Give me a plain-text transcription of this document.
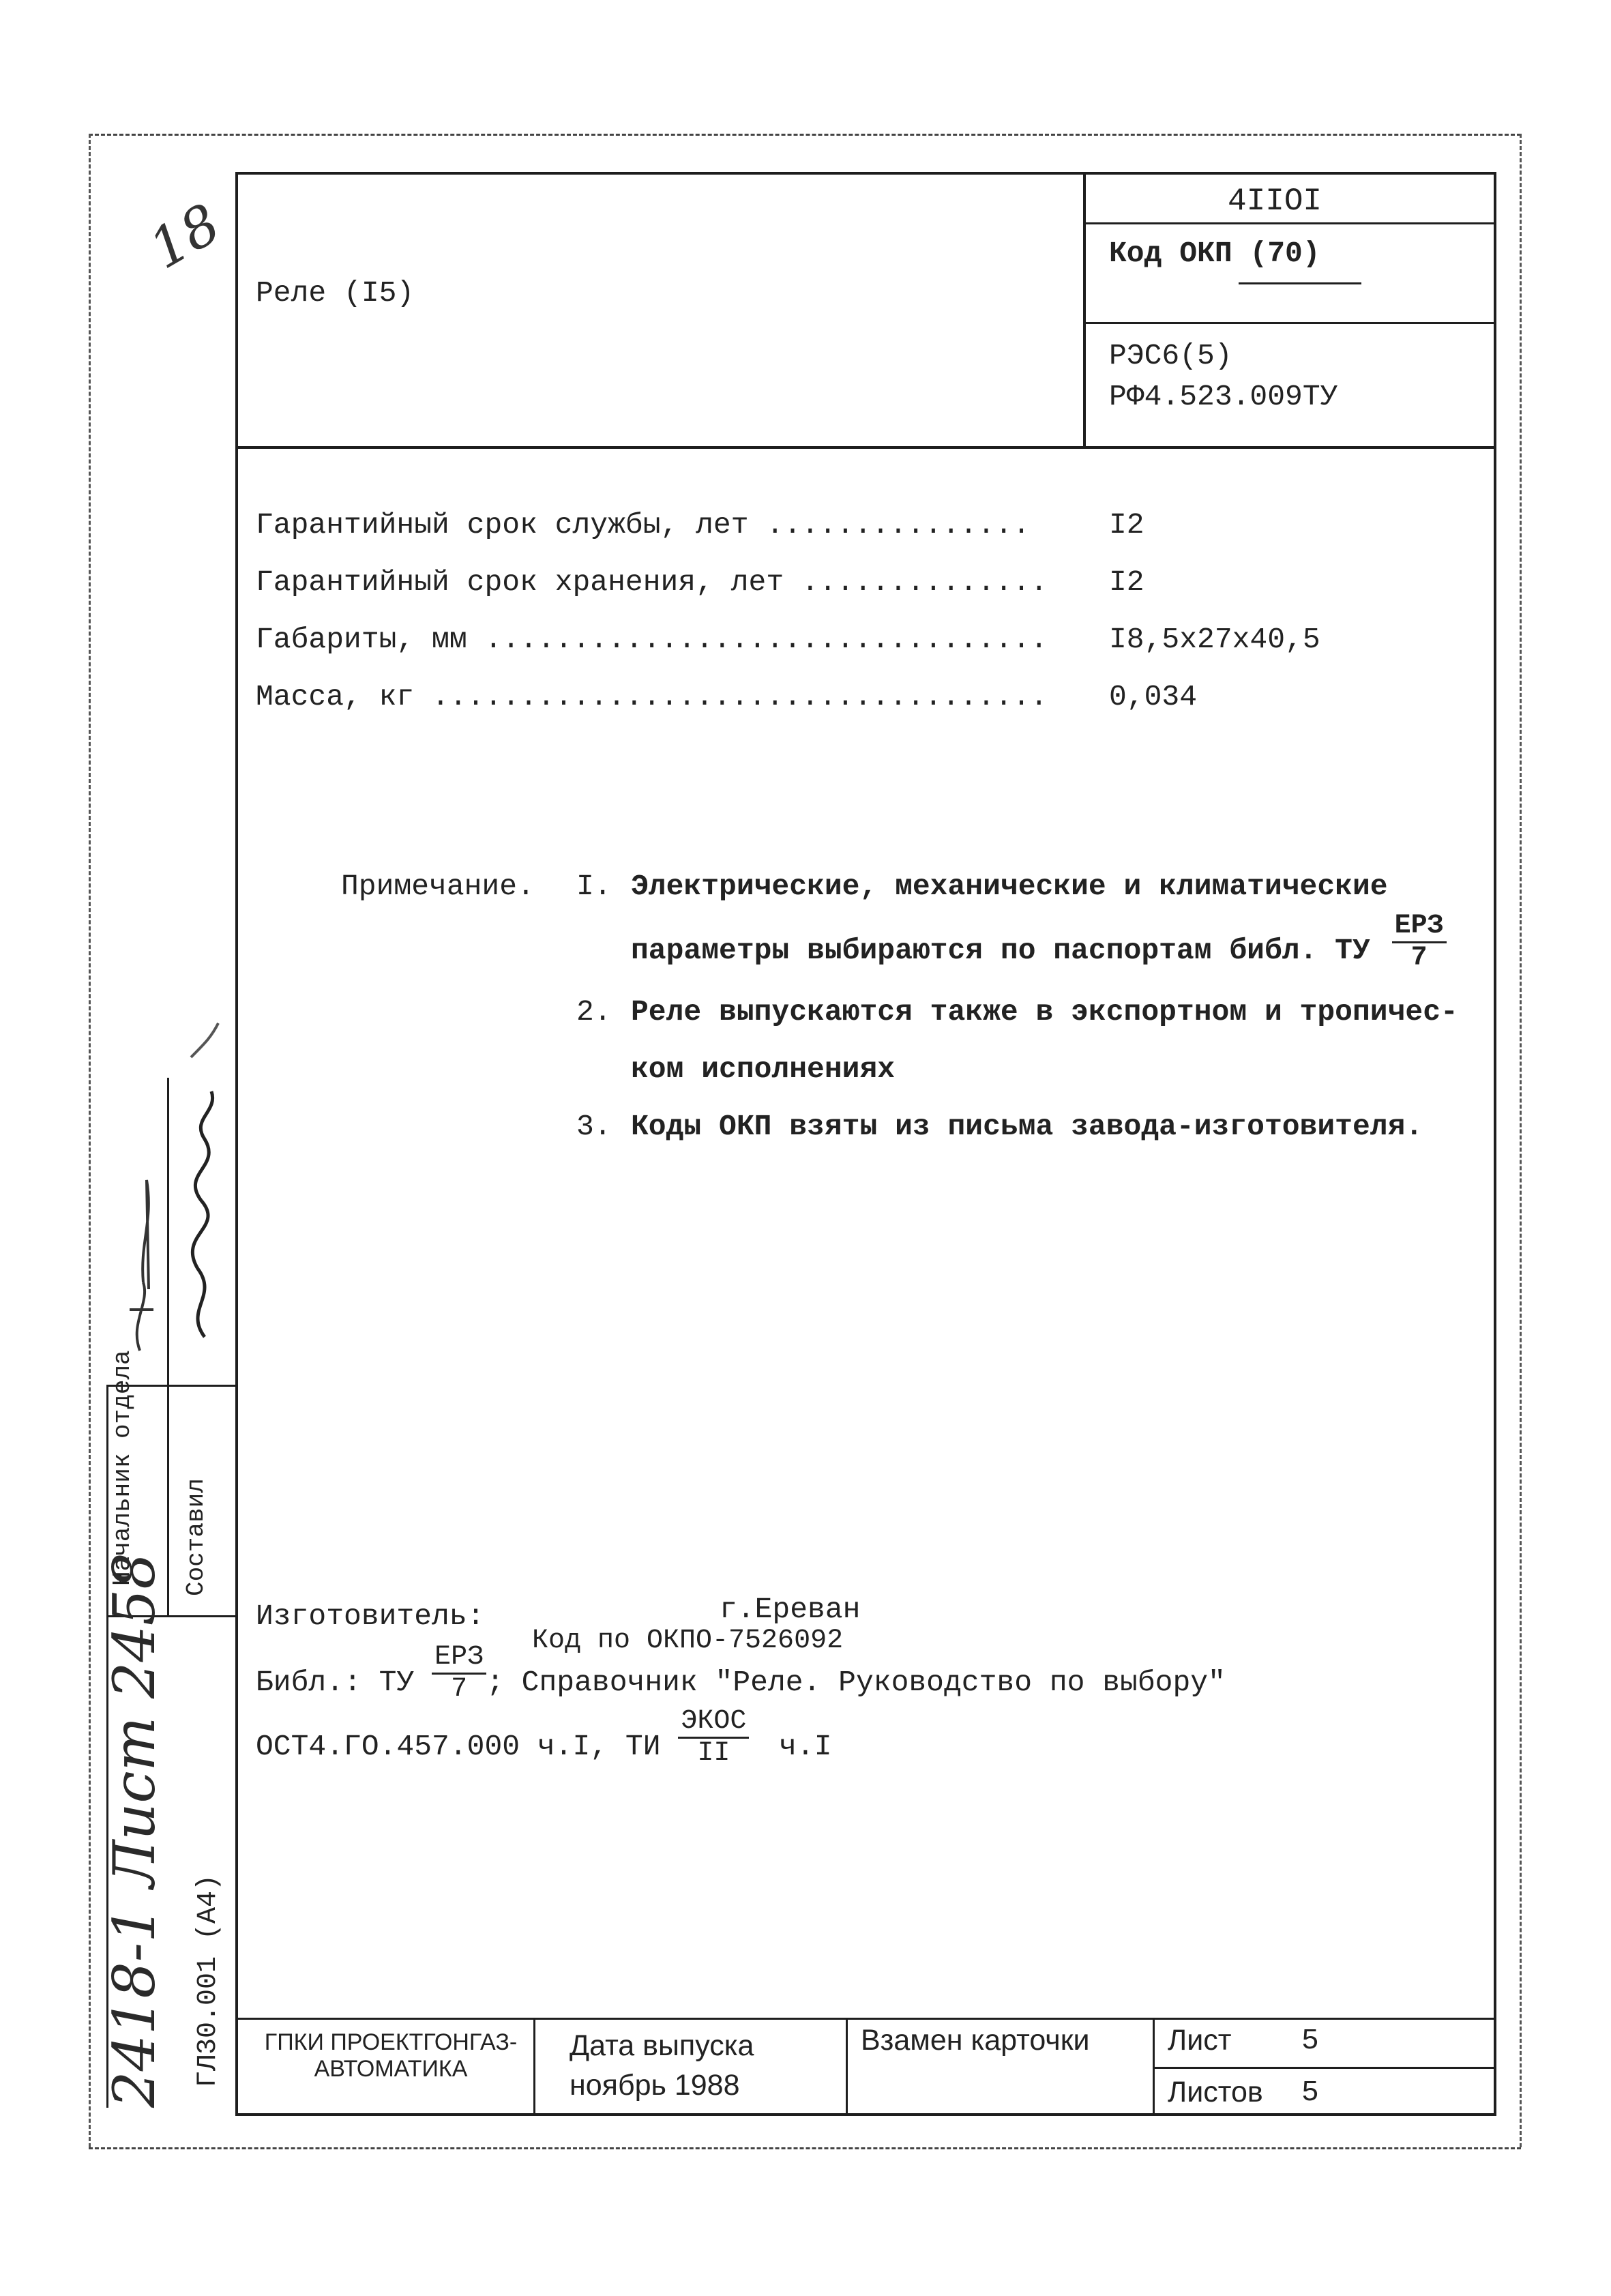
18
Реле (I5)
4IIOI
Код ОКП (70)
РЭС6(5)
РФ4.523.009ТУ
Гарантийный срок службы, лет ...............	I2
Гарантийный срок хранения, лет .............. I2
Габариты, мм ................................ I8,5x27x40,5
Масса, кг ................................... 0,034
Примечание. I. Электрические, механические и климатические
параметры выбираются по паспортам библ. ТУ $\frac{\text{ЕРЗ}}{7}$
2. Реле выпускаются также в экспортном и тропичес-
ком исполнениях
3. Коды ОКП взяты из письма завода-изготовителя.
Изготовитель:	г.Ереван
Код по ОКПО-7526092
Библ.: ТУ $\frac{\text{ЕРЗ}}{7}$ ; Справочник "Реле. Руководство по выбору"
ОСТ4.ГО.457.000 ч.I, ТИ $\frac{\text{ЭКОС}}{II} ч.I$
Начальник отдела Составил
ГЛ30.001 (А4)
2418-1 Лист 2458	ГПКИ ПРОЕКТГОНГАЗ-АВТОМАТИКА
Дата выпуска
ноябрь 1988
Взамен карточки	Лист 5
Листов 5
